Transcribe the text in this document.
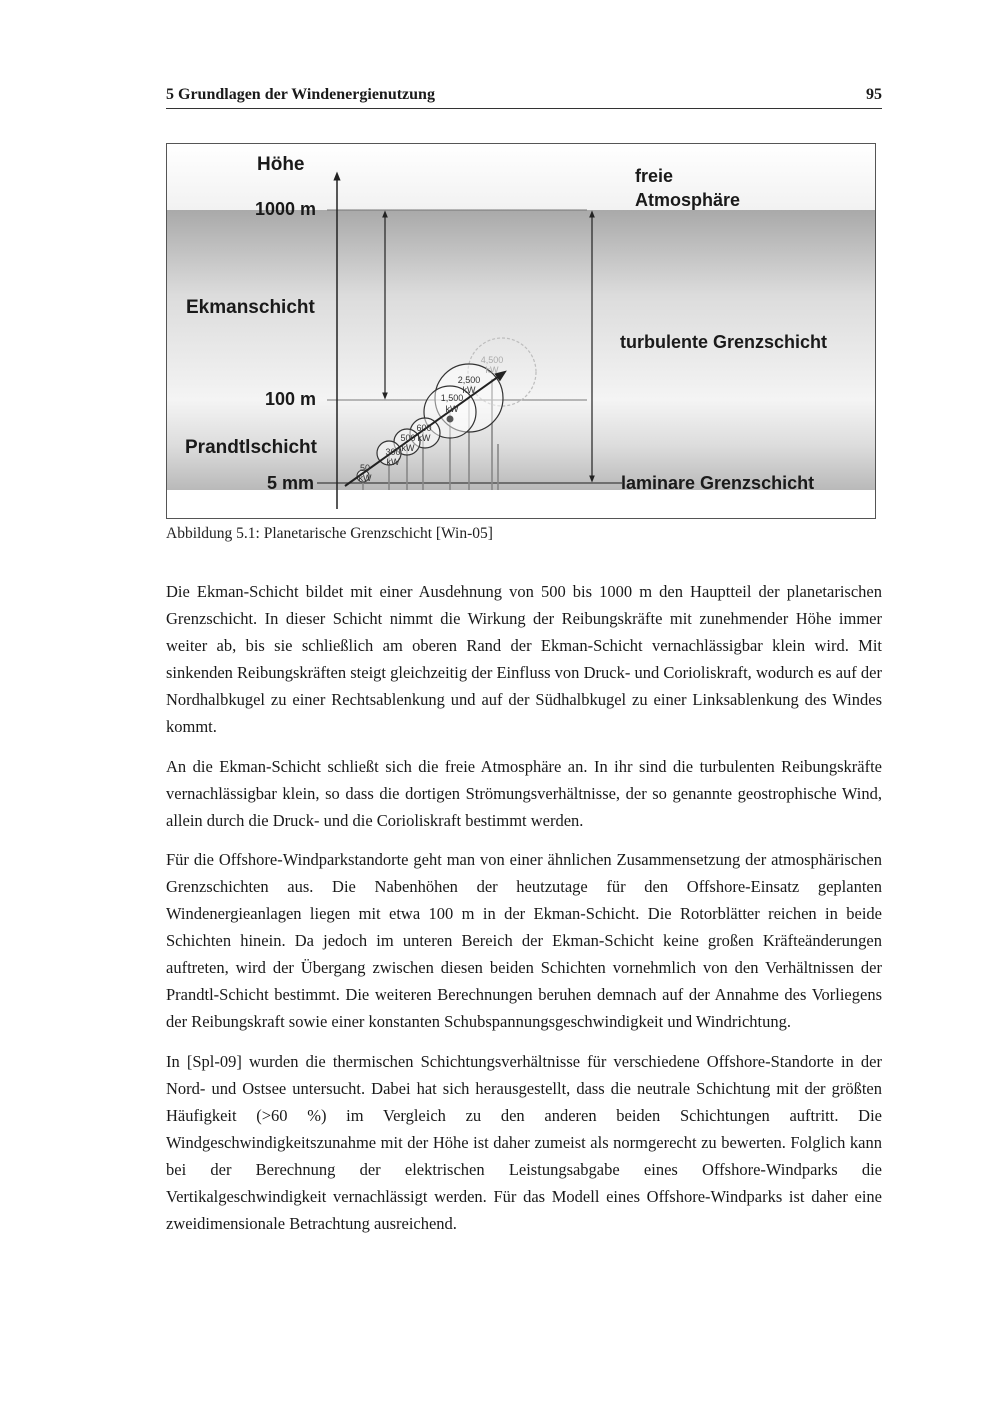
5 Grundlagen der Windenergienutzung	95
50
kW
300
kW
500
kW
600
kW
1,500
kW
2,500
kW
4,500
kW
Höhe
freie
Atmosphäre
1000 m
Ekmanschicht
turbulente Grenzschicht
100 m
Prandtlschicht
5 mm	laminare Grenzschicht
Abbildung 5.1: Planetarische Grenzschicht [Win-05]

Die Ekman-Schicht bildet mit einer Ausdehnung von 500 bis 1000 m den Hauptteil der planetarischen Grenzschicht. In dieser Schicht nimmt die Wirkung der Reibungskräfte mit zunehmender Höhe immer weiter ab, bis sie schließlich am oberen Rand der Ekman-Schicht vernachlässigbar klein wird. Mit sinkenden Reibungskräften steigt gleichzeitig der Einfluss von Druck- und Corioliskraft, wodurch es auf der Nordhalbkugel zu einer Rechtsablenkung und auf der Südhalbkugel zu einer Linksablenkung des Windes kommt.

An die Ekman-Schicht schließt sich die freie Atmosphäre an. In ihr sind die turbulenten Reibungskräfte vernachlässigbar klein, so dass die dortigen Strömungsverhältnisse, der so genannte geostrophische Wind, allein durch die Druck- und die Corioliskraft bestimmt werden.

Für die Offshore-Windparkstandorte geht man von einer ähnlichen Zusammensetzung der atmosphärischen Grenzschichten aus. Die Nabenhöhen der heutzutage für den Offshore-Einsatz geplanten Windenergieanlagen liegen mit etwa 100 m in der Ekman-Schicht. Die Rotorblätter reichen in beide Schichten hinein. Da jedoch im unteren Bereich der Ekman-Schicht keine großen Kräfteänderungen auftreten, wird der Übergang zwischen diesen beiden Schichten vornehmlich von den Verhältnissen der Prandtl-Schicht bestimmt. Die weiteren Berechnungen beruhen demnach auf der Annahme des Vorliegens der Reibungskraft sowie einer konstanten Schubspannungsgeschwindigkeit und Windrichtung.

In [Spl-09] wurden die thermischen Schichtungsverhältnisse für verschiedene Offshore-Standorte in der Nord- und Ostsee untersucht. Dabei hat sich herausgestellt, dass die neutrale Schichtung mit der größten Häufigkeit (>60 %) im Vergleich zu den anderen beiden Schichtungen auftritt. Die Windgeschwindigkeitszunahme mit der Höhe ist daher zumeist als normgerecht zu bewerten. Folglich kann bei der Berechnung der elektrischen Leistungsabgabe eines Offshore-Windparks die Vertikalgeschwindigkeit vernachlässigt werden. Für das Modell eines Offshore-Windparks ist daher eine zweidimensionale Betrachtung ausreichend.
